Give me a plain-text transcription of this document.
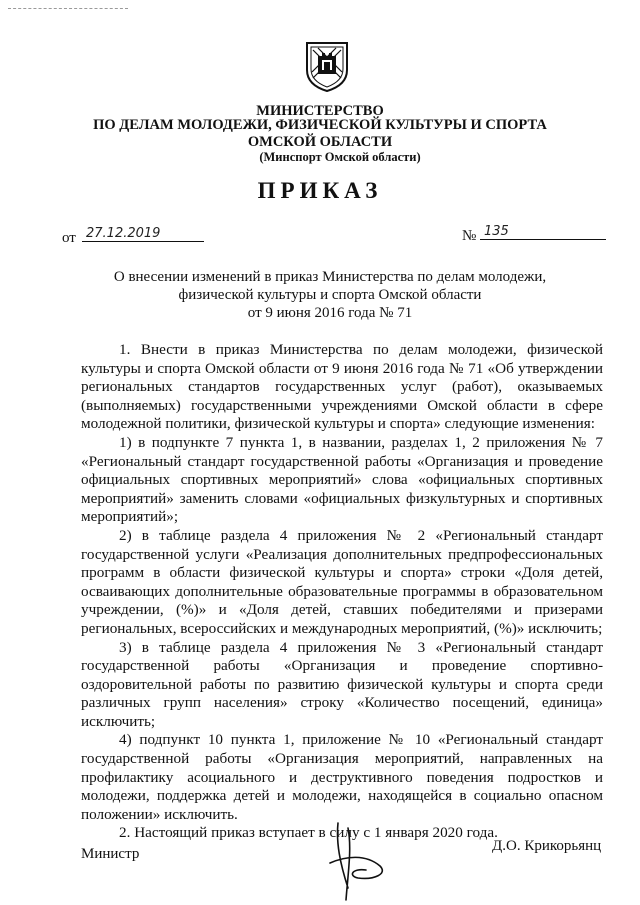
МИНИСТЕРСТВО
ПО ДЕЛАМ МОЛОДЕЖИ, ФИЗИЧЕСКОЙ КУЛЬТУРЫ И СПОРТА
ОМСКОЙ ОБЛАСТИ
(Минспорт Омской области)
ПРИКАЗ
от 27.12.2019	№ 135
О внесении изменений в приказ Министерства по делам молодежи,
физической культуры и спорта Омской области
от 9 июня 2016 года № 71

1. Внести в приказ Министерства по делам молодежи, физической культуры и спорта Омской области от 9 июня 2016 года № 71 «Об утверждении региональных стандартов государственных услуг (работ), оказываемых (выполняемых) государственными учреждениями Омской области в сфере молодежной политики, физической культуры и спорта» следующие изменения:

1) в подпункте 7 пункта 1, в названии, разделах 1, 2 приложения № 7 «Региональный стандарт государственной работы «Организация и проведение официальных спортивных мероприятий» слова «официальных спортивных мероприятий» заменить словами «официальных физкультурных и спортивных мероприятий»;

2) в таблице раздела 4 приложения № 2 «Региональный стандарт государственной услуги «Реализация дополнительных предпрофессиональных программ в области физической культуры и спорта» строки «Доля детей, осваивающих дополнительные образовательные программы в образовательном учреждении, (%)» и «Доля детей, ставших победителями и призерами региональных, всероссийских и международных мероприятий, (%)» исключить;

3) в таблице раздела 4 приложения № 3 «Региональный стандарт государственной работы «Организация и проведение спортивно-оздоровительной работы по развитию физической культуры и спорта среди различных групп населения» строку «Количество посещений, единица» исключить;

4) подпункт 10 пункта 1, приложение № 10 «Региональный стандарт государственной работы «Организация мероприятий, направленных на профилактику асоциального и деструктивного поведения подростков и молодежи, поддержка детей и молодежи, находящейся в социально опасном положении» исключить.

2. Настоящий приказ вступает в силу с 1 января 2020 года.

Министр	Д.О. Крикорьянц
